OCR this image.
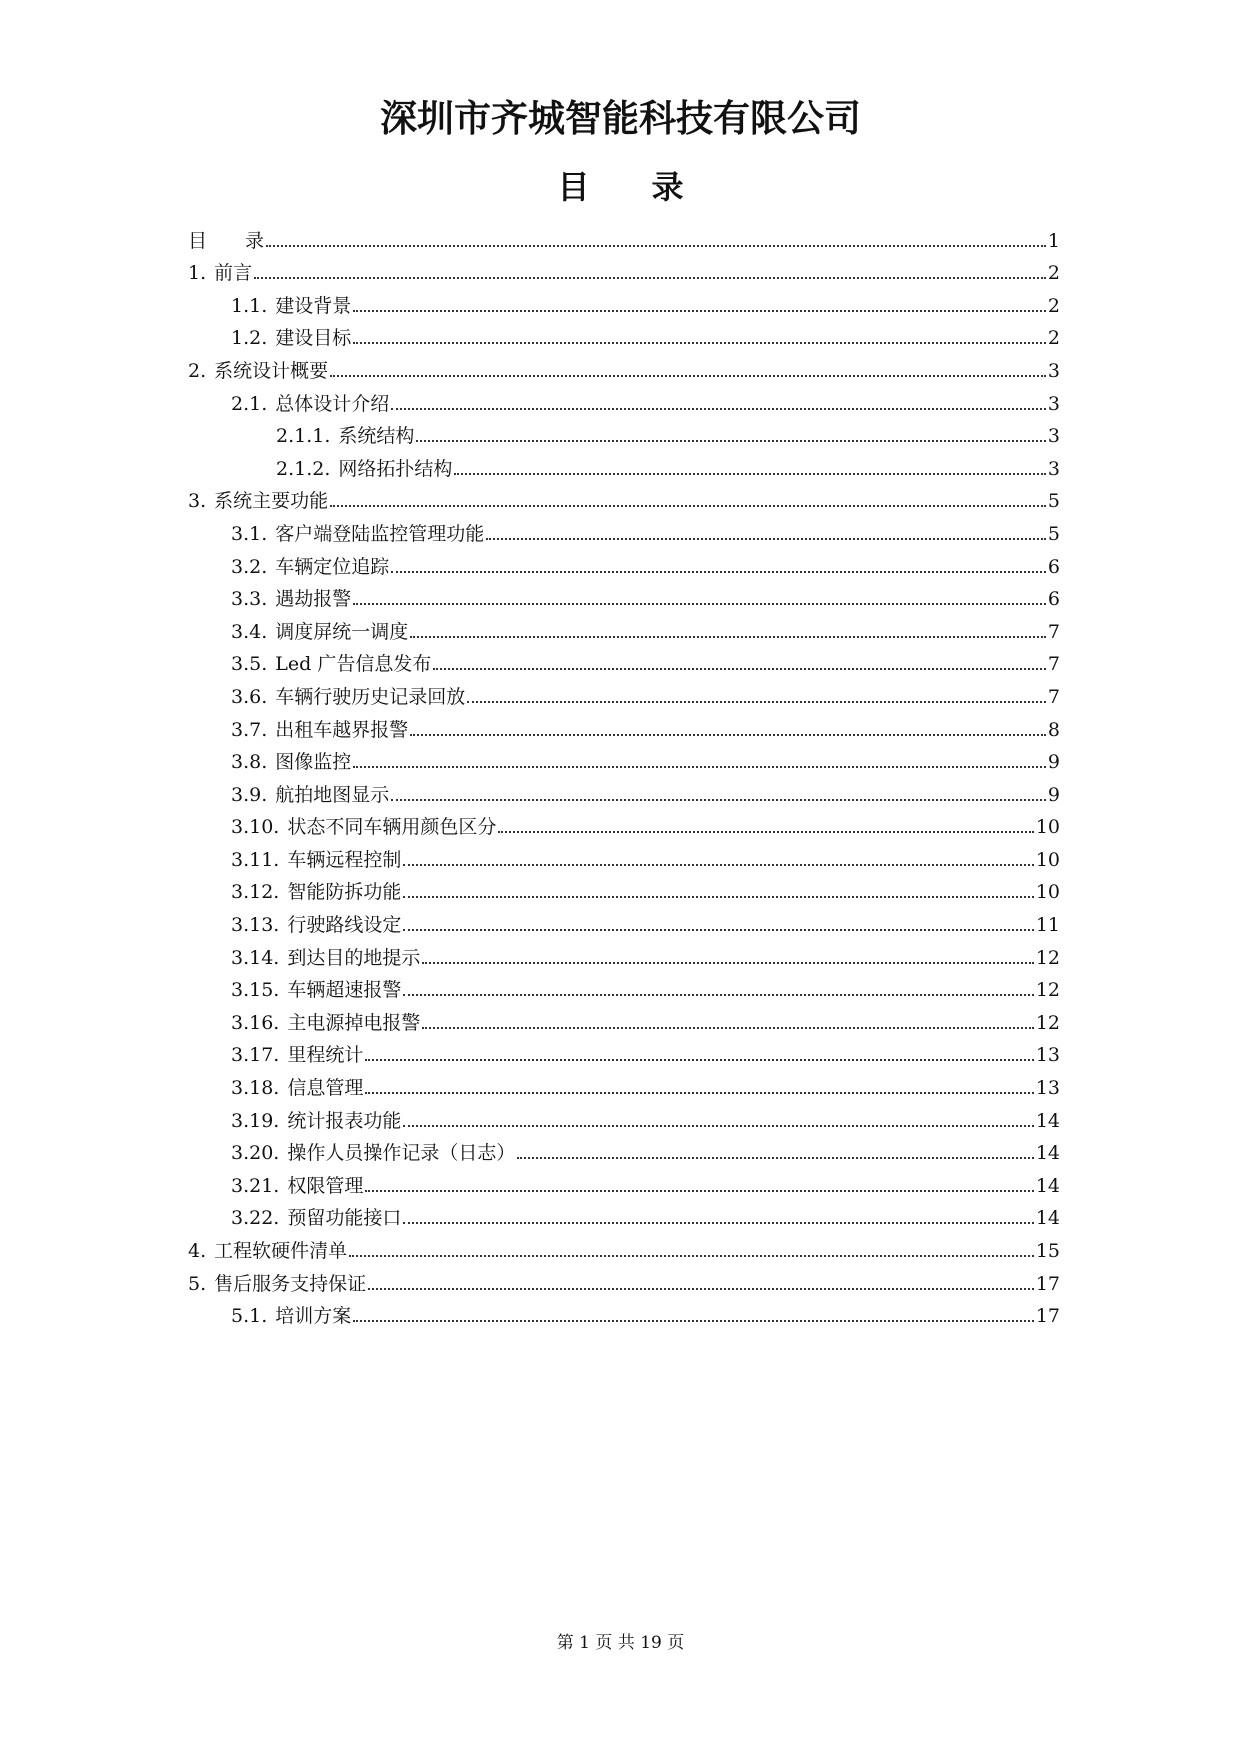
深圳市齐城智能科技有限公司
目 录
目 录	1
1. 前言	2
1.1. 建设背景	2
1.2. 建设目标	2
2. 系统设计概要	3
2.1. 总体设计介绍	3
2.1.1. 系统结构	3
2.1.2. 网络拓扑结构	3
3. 系统主要功能	5
3.1. 客户端登陆监控管理功能	5
3.2. 车辆定位追踪	6
3.3. 遇劫报警	6
3.4. 调度屏统一调度	7
3.5. Led 广告信息发布	7
3.6. 车辆行驶历史记录回放	7
3.7. 出租车越界报警	8
3.8. 图像监控	9
3.9. 航拍地图显示	9
3.10. 状态不同车辆用颜色区分	10
3.11. 车辆远程控制	10
3.12. 智能防拆功能	10
3.13. 行驶路线设定	11
3.14. 到达目的地提示	12
3.15. 车辆超速报警	12
3.16. 主电源掉电报警	12
3.17. 里程统计	13
3.18. 信息管理	13
3.19. 统计报表功能	14
3.20. 操作人员操作记录（日志）	14
3.21. 权限管理	14
3.22. 预留功能接口	14
4. 工程软硬件清单	15
5. 售后服务支持保证	17
5.1. 培训方案	17
第 1 页 共 19 页
